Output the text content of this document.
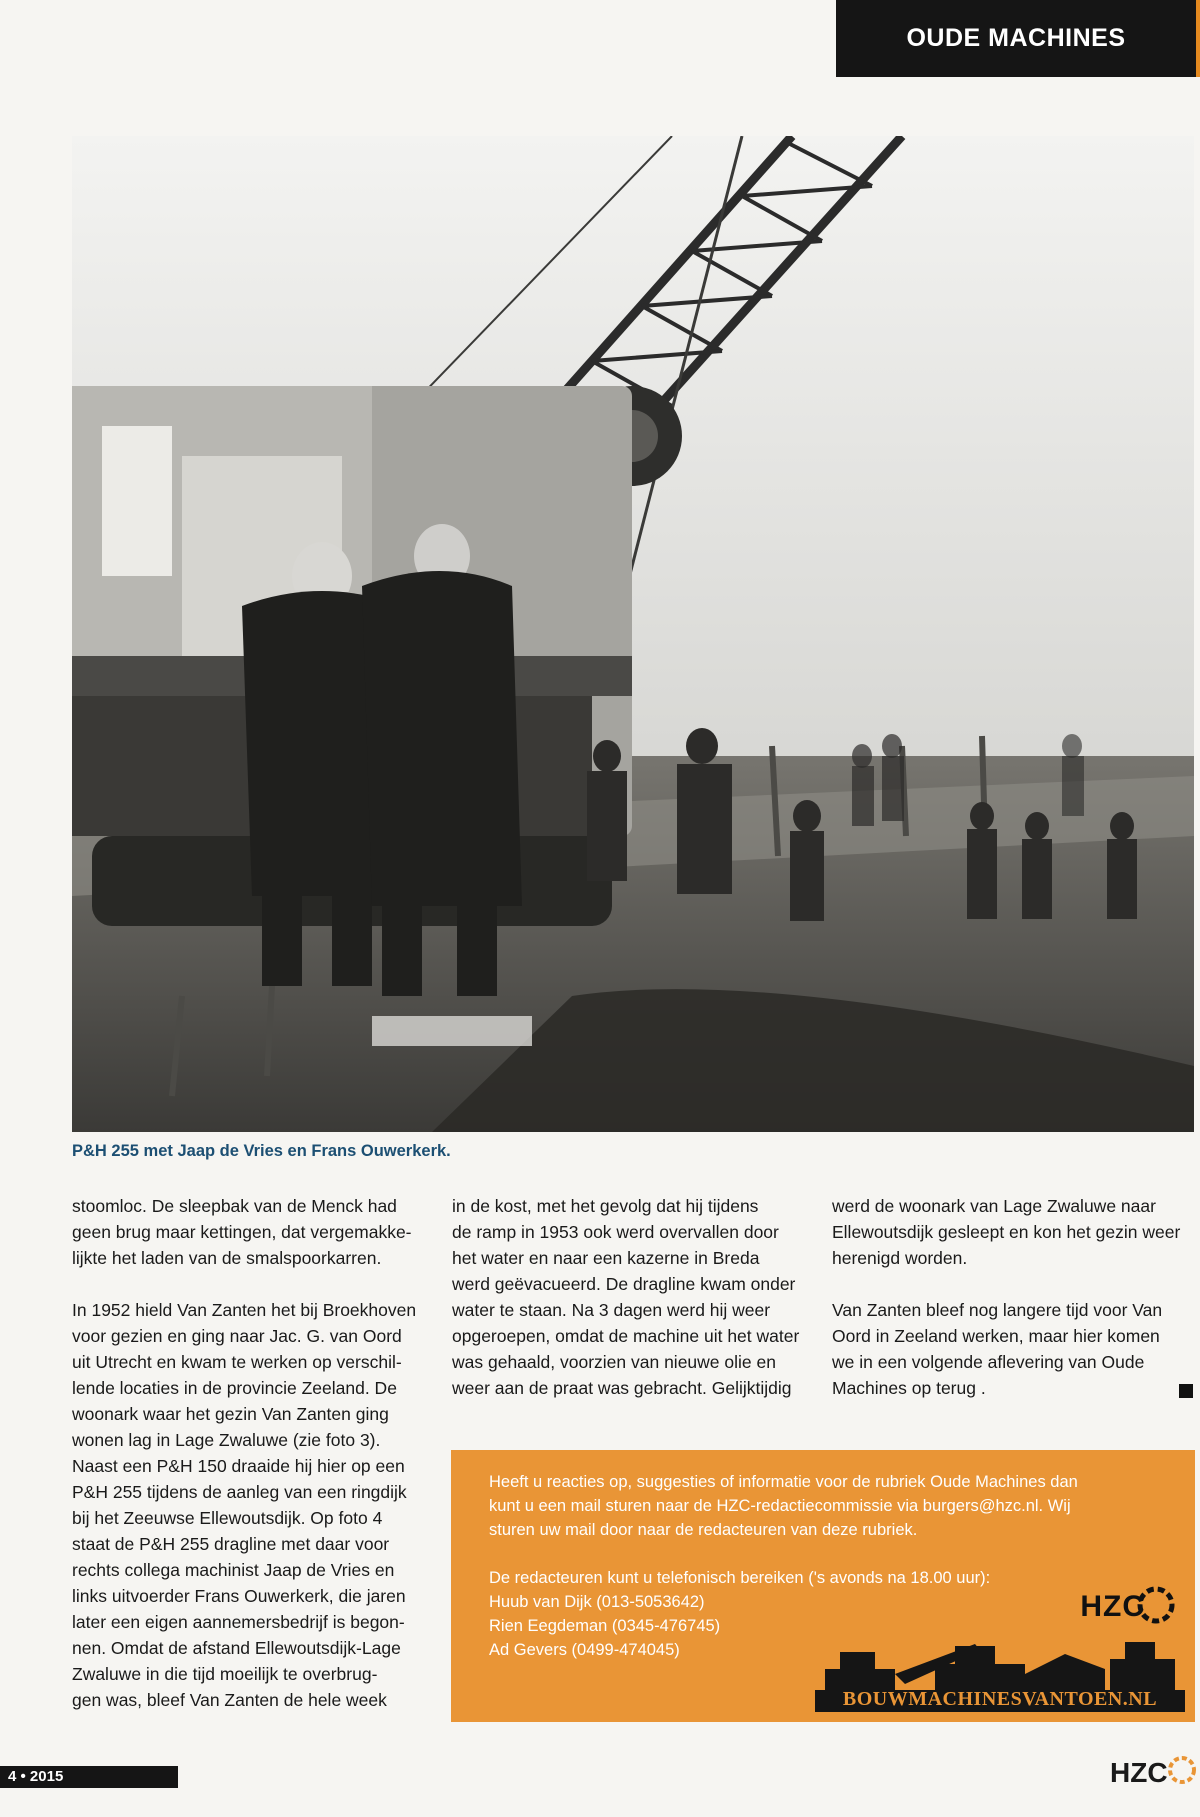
OUDE MACHINES
P&H 255 met Jaap de Vries en Frans Ouwerkerk.

stoomloc. De sleepbak van de Menck had
geen brug maar kettingen, dat vergemakke-
lijkte het laden van de smalspoorkarren.

In 1952 hield Van Zanten het bij Broekhoven
voor gezien en ging naar Jac. G. van Oord
uit Utrecht en kwam te werken op verschil-
lende locaties in de provincie Zeeland. De
woonark waar het gezin Van Zanten ging
wonen lag in Lage Zwaluwe (zie foto 3).
Naast een P&H 150 draaide hij hier op een
P&H 255 tijdens de aanleg van een ringdijk
bij het Zeeuwse Ellewoutsdijk. Op foto 4
staat de P&H 255 dragline met daar voor
rechts collega machinist Jaap de Vries en
links uitvoerder Frans Ouwerkerk, die jaren
later een eigen aannemersbedrijf is begon-
nen. Omdat de afstand Ellewoutsdijk-Lage
Zwaluwe in die tijd moeilijk te overbrug-
gen was, bleef Van Zanten de hele week

in de kost, met het gevolg dat hij tijdens
de ramp in 1953 ook werd overvallen door
het water en naar een kazerne in Breda
werd geëvacueerd. De dragline kwam onder
water te staan. Na 3 dagen werd hij weer
opgeroepen, omdat de machine uit het water
was gehaald, voorzien van nieuwe olie en
weer aan de praat was gebracht. Gelijktijdig

werd de woonark van Lage Zwaluwe naar
Ellewoutsdijk gesleept en kon het gezin weer
herenigd worden.

Van Zanten bleef nog langere tijd voor Van
Oord in Zeeland werken, maar hier komen
we in een volgende aflevering van Oude
Machines op terug .

Heeft u reacties op, suggesties of informatie voor de rubriek Oude Machines dan
kunt u een mail sturen naar de HZC-redactiecommissie via burgers@hzc.nl. Wij
sturen uw mail door naar de redacteuren van deze rubriek.

De redacteuren kunt u telefonisch bereiken ('s avonds na 18.00 uur):
Huub van Dijk (013-5053642)
Rien Eegdeman (0345-476745)
Ad Gevers (0499-474045)

HZC
BOUWMACHINESVANTOEN.NL
4 • 2015	HZC
